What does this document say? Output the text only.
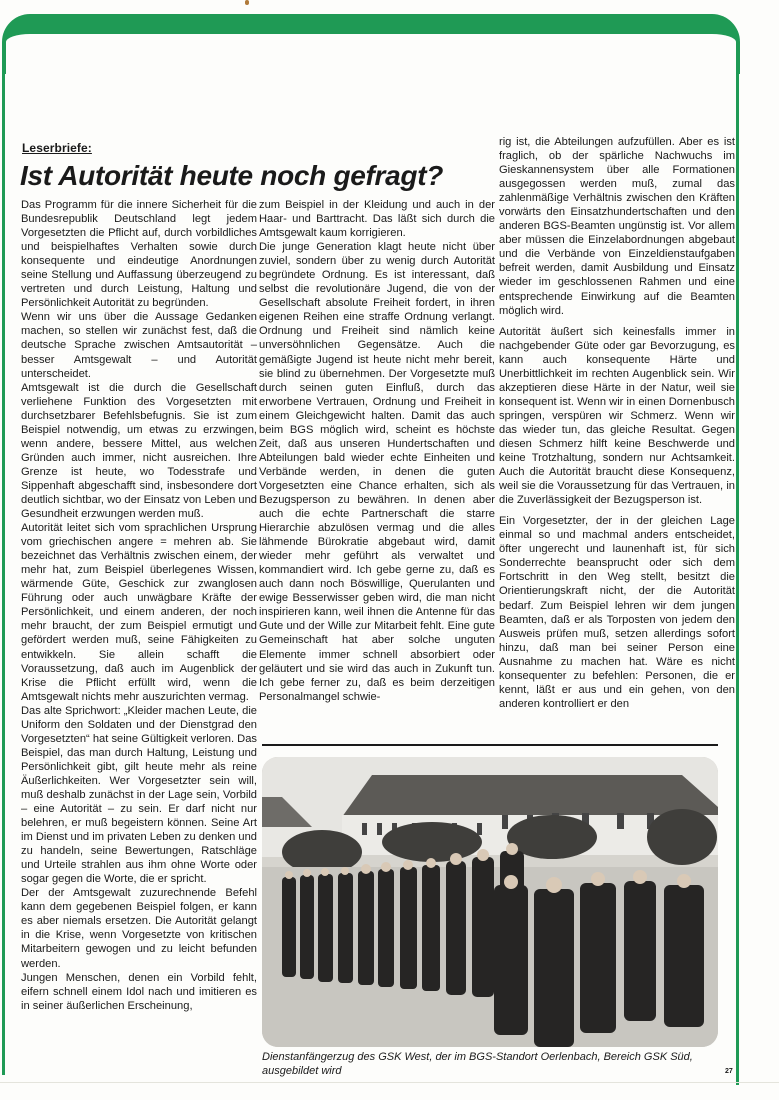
Leserbriefe:
Ist Autorität heute noch gefragt?

Das Programm für die innere Sicherheit für die Bundesrepublik Deutschland legt jedem Vorgesetzten die Pflicht auf, durch vorbildliches und beispielhaftes Verhalten sowie durch konsequente und eindeutige Anordnungen seine Stellung und Auffassung überzeugend zu vertreten und durch Leistung, Haltung und Persönlichkeit Autorität zu begründen.

Wenn wir uns über die Aussage Gedanken machen, so stellen wir zunächst fest, daß die deutsche Sprache zwischen Amtsautorität – besser Amtsgewalt – und Autorität unterscheidet.

Amtsgewalt ist die durch die Gesellschaft verliehene Funktion des Vorgesetzten mit durchsetzbarer Befehlsbefugnis. Sie ist zum Beispiel notwendig, um etwas zu erzwingen, wenn andere, bessere Mittel, aus welchen Gründen auch immer, nicht ausreichen. Ihre Grenze ist heute, wo Todesstrafe und Sippenhaft abgeschafft sind, insbesondere dort deutlich sichtbar, wo der Einsatz von Leben und Gesundheit erzwungen werden muß.

Autorität leitet sich vom sprachlichen Ursprung vom griechischen angere = mehren ab. Sie bezeichnet das Verhältnis zwischen einem, der mehr hat, zum Beispiel überlegenes Wissen, wärmende Güte, Geschick zur zwanglosen Führung oder auch unwägbare Kräfte der Persönlichkeit, und einem anderen, der noch mehr braucht, der zum Beispiel ermutigt und gefördert werden muß, seine Fähigkeiten zu entwikkeln. Sie allein schafft die Voraussetzung, daß auch im Augenblick der Krise die Pflicht erfüllt wird, wenn die Amtsgewalt nichts mehr auszurichten vermag.

Das alte Sprichwort: „Kleider machen Leute, die Uniform den Soldaten und der Dienstgrad den Vorgesetzten“ hat seine Gültigkeit verloren. Das Beispiel, das man durch Haltung, Leistung und Persönlichkeit gibt, gilt heute mehr als reine Äußerlichkeiten. Wer Vorgesetzter sein will, muß deshalb zunächst in der Lage sein, Vorbild – eine Autorität – zu sein. Er darf nicht nur belehren, er muß begeistern können. Seine Art im Dienst und im privaten Leben zu denken und zu handeln, seine Bewertungen, Ratschläge und Urteile strahlen aus ihm ohne Worte oder sogar gegen die Worte, die er spricht.

Der der Amtsgewalt zuzurechnende Befehl kann dem gegebenen Beispiel folgen, er kann es aber niemals ersetzen. Die Autorität gelangt in die Krise, wenn Vorgesetzte von kritischen Mitarbeitern gewogen und zu leicht befunden werden.

Jungen Menschen, denen ein Vorbild fehlt, eifern schnell einem Idol nach und imitieren es in seiner äußerlichen Erscheinung,

zum Beispiel in der Kleidung und auch in der Haar- und Barttracht. Das läßt sich durch die Amtsgewalt kaum korrigieren.

Die junge Generation klagt heute nicht über zuviel, sondern über zu wenig durch Autorität begründete Ordnung. Es ist interessant, daß selbst die revolutionäre Jugend, die von der Gesellschaft absolute Freiheit fordert, in ihren eigenen Reihen eine straffe Ordnung verlangt. Ordnung und Freiheit sind nämlich keine unversöhnlichen Gegensätze. Auch die gemäßigte Jugend ist heute nicht mehr bereit, sie blind zu übernehmen. Der Vorgesetzte muß durch seinen guten Einfluß, durch das erworbene Vertrauen, Ordnung und Freiheit in einem Gleichgewicht halten. Damit das auch beim BGS möglich wird, scheint es höchste Zeit, daß aus unseren Hundertschaften und Abteilungen bald wieder echte Einheiten und Verbände werden, in denen die guten Vorgesetzten eine Chance erhalten, sich als Bezugsperson zu bewähren. In denen aber auch die echte Partnerschaft die starre Hierarchie abzulösen vermag und die alles lähmende Bürokratie abgebaut wird, damit wieder mehr geführt als verwaltet und kommandiert wird. Ich gebe gerne zu, daß es auch dann noch Böswillige, Querulanten und ewige Besserwisser geben wird, die man nicht inspirieren kann, weil ihnen die Antenne für das Gute und der Wille zur Mitarbeit fehlt. Eine gute Gemeinschaft hat aber solche unguten Elemente immer schnell absorbiert oder geläutert und sie wird das auch in Zukunft tun. Ich gebe ferner zu, daß es beim derzeitigen Personalmangel schwie-

rig ist, die Abteilungen aufzufüllen. Aber es ist fraglich, ob der spärliche Nachwuchs im Gieskannensystem über alle Formationen ausgegossen werden muß, zumal das zahlenmäßige Verhältnis zwischen den Kräften vorwärts den Einsatzhundertschaften und den anderen BGS-Beamten ungünstig ist. Vor allem aber müssen die Einzelabordnungen abgebaut und die Verbände von Einzeldienstaufgaben befreit werden, damit Ausbildung und Einsatz wieder im geschlossenen Rahmen und eine entsprechende Einwirkung auf die Beamten möglich wird.

Autorität äußert sich keinesfalls immer in nachgebender Güte oder gar Bevorzugung, es kann auch konsequente Härte und Unerbittlichkeit im rechten Augenblick sein. Wir akzeptieren diese Härte in der Natur, weil sie konsequent ist. Wenn wir in einen Dornenbusch springen, verspüren wir Schmerz. Wenn wir das wieder tun, das gleiche Resultat. Gegen diesen Schmerz hilft keine Beschwerde und keine Trotzhaltung, sondern nur Achtsamkeit. Auch die Autorität braucht diese Konsequenz, weil sie die Voraussetzung für das Vertrauen, in die Zuverlässigkeit der Bezugsperson ist.

Ein Vorgesetzter, der in der gleichen Lage einmal so und machmal anders entscheidet, öfter ungerecht und launenhaft ist, für sich Sonderrechte beansprucht oder sich dem Fortschritt in den Weg stellt, besitzt die Orientierungskraft nicht, der die Autorität bedarf. Zum Beispiel lehren wir dem jungen Beamten, daß er als Torposten von jedem den Ausweis prüfen muß, setzen allerdings sofort hinzu, daß man bei seiner Person eine Ausnahme zu machen hat. Wäre es nicht konsequenter zu befehlen: Personen, die er kennt, läßt er aus und ein gehen, von den anderen kontrolliert er den

Dienstanfängerzug des GSK West, der im BGS-Standort Oerlenbach, Bereich GSK Süd, ausgebildet wird	27
